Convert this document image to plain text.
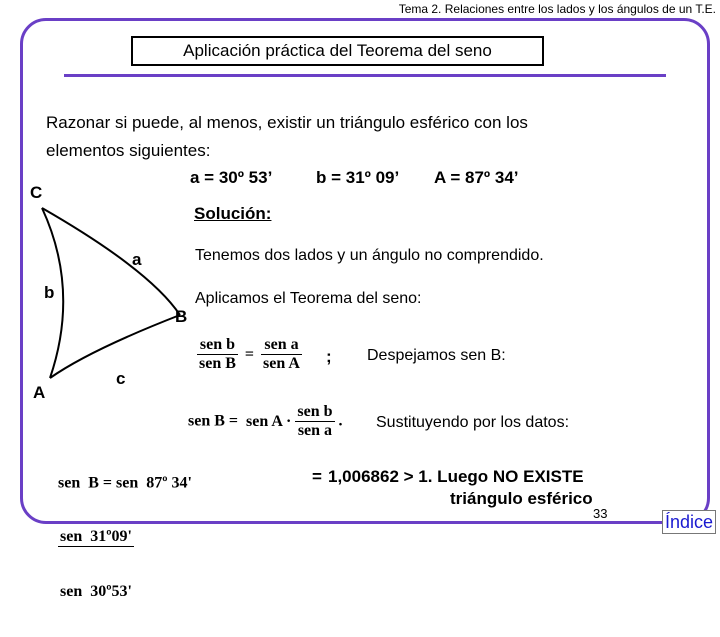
Tema 2. Relaciones entre los lados y los ángulos de un T.E.
Aplicación práctica del Teorema del seno
Razonar si puede, al menos, existir un triángulo esférico con los
elementos siguientes:
a = 30º 53’	b = 31º 09’ A = 87º 34’
C
a
b
B
A
c
Solución:
Tenemos dos lados y un ángulo no comprendido.
Aplicamos el Teorema del seno:
$\frac{\text{sen b}}{\text{sen B}} = \frac{\text{sen a}}{\text{sen A}}$ ; Despejamos sen B:
sen B = sen $A \cdot \frac{\text{sen b}}{\text{sen a}}$ . Sustituyendo por los datos:

sen  B = sen  87º 34'

$\frac{\text{sen  31º09'}}{\text{sen  30º53'}}$

= 1,006862 > 1. Luego NO EXISTE
triángulo esférico
33	Índice
